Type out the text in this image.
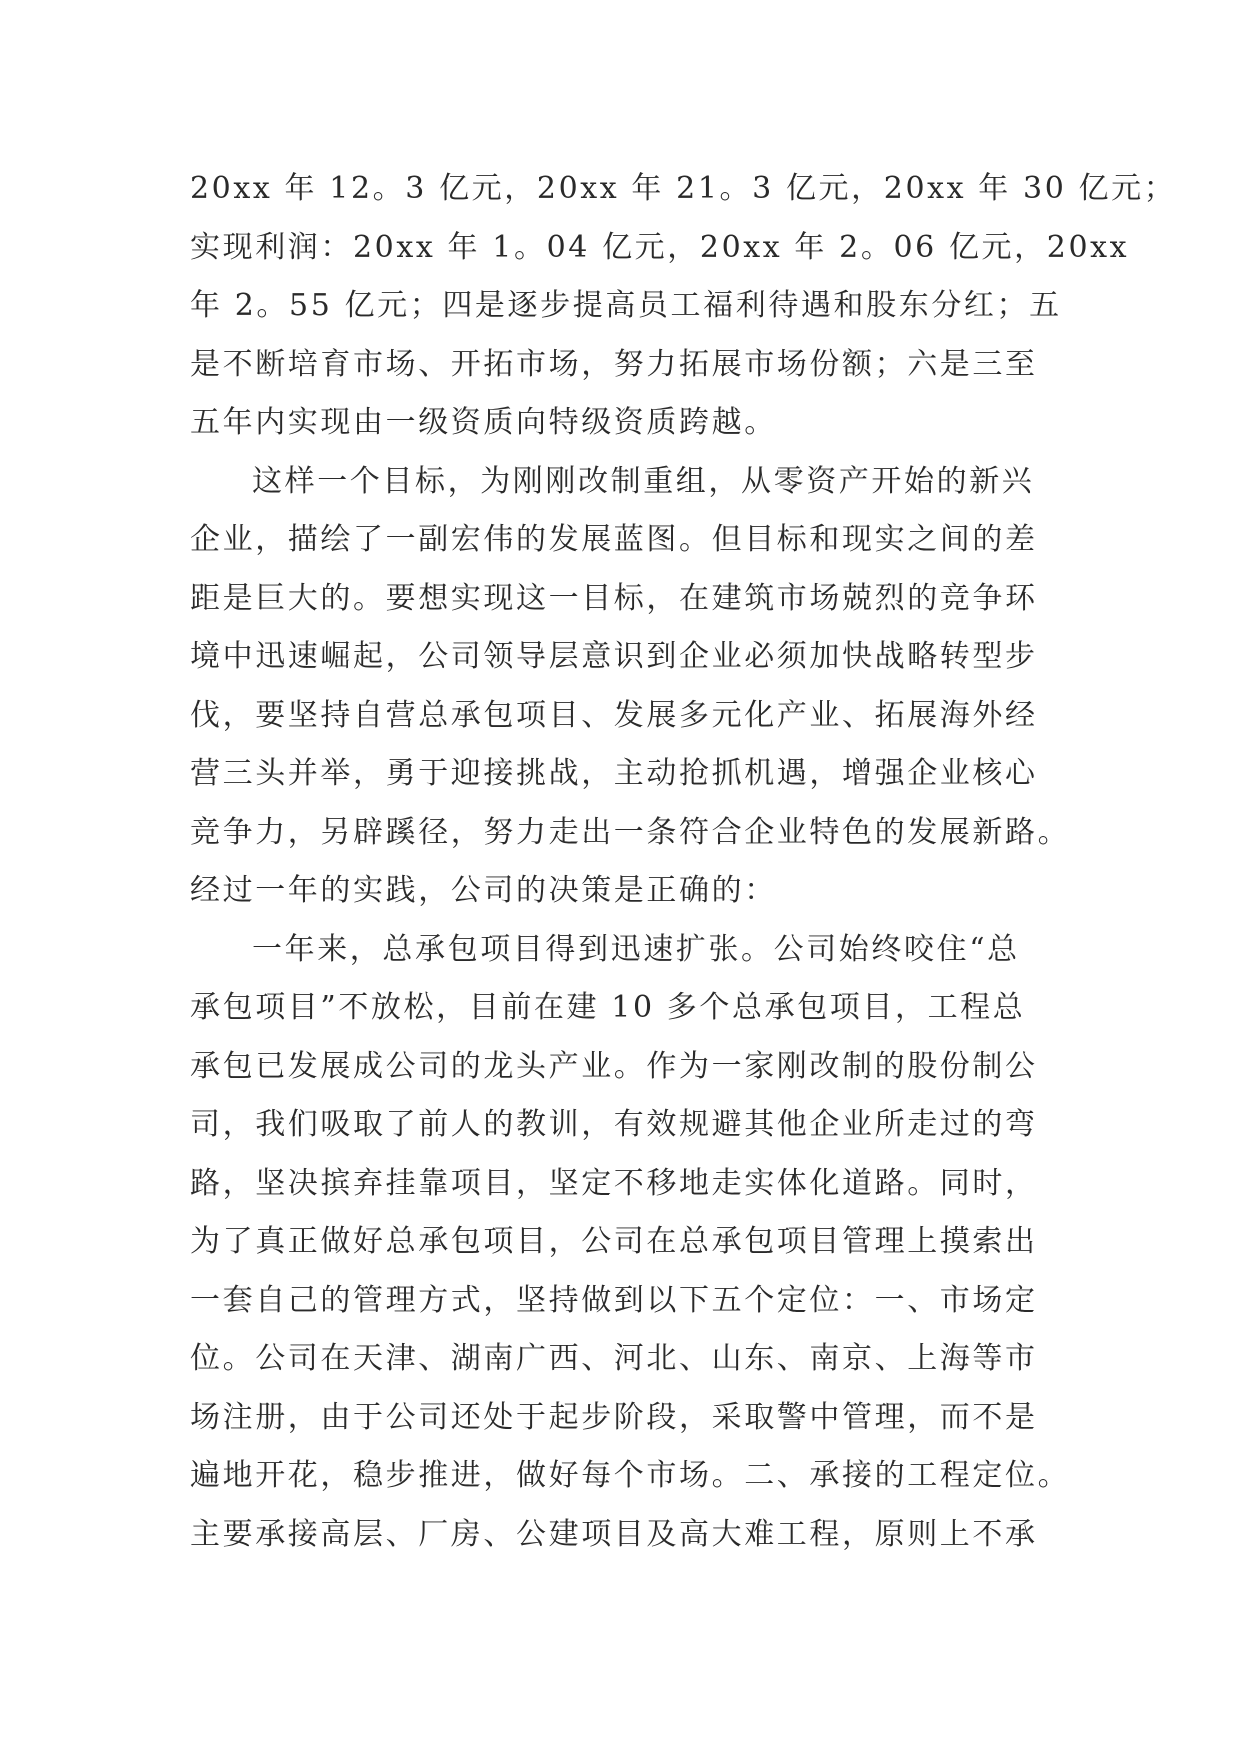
20xx 年 12。3 亿元，20xx 年 21。3 亿元，20xx 年 30 亿元；
实现利润：20xx 年 1。04 亿元，20xx 年 2。06 亿元，20xx
年 2。55 亿元；四是逐步提高员工福利待遇和股东分红；五
是不断培育市场、开拓市场，努力拓展市场份额；六是三至
五年内实现由一级资质向特级资质跨越。
这样一个目标，为刚刚改制重组，从零资产开始的新兴
企业，描绘了一副宏伟的发展蓝图。但目标和现实之间的差
距是巨大的。要想实现这一目标，在建筑市场兢烈的竞争环
境中迅速崛起，公司领导层意识到企业必须加快战略转型步
伐，要坚持自营总承包项目、发展多元化产业、拓展海外经
营三头并举，勇于迎接挑战，主动抢抓机遇，增强企业核心
竞争力，另辟蹊径，努力走出一条符合企业特色的发展新路。
经过一年的实践，公司的决策是正确的：
一年来，总承包项目得到迅速扩张。公司始终咬住“总
承包项目”不放松，目前在建 10 多个总承包项目，工程总
承包已发展成公司的龙头产业。作为一家刚改制的股份制公
司，我们吸取了前人的教训，有效规避其他企业所走过的弯
路，坚决摈弃挂靠项目，坚定不移地走实体化道路。同时，
为了真正做好总承包项目，公司在总承包项目管理上摸索出
一套自己的管理方式，坚持做到以下五个定位：一、市场定
位。公司在天津、湖南广西、河北、山东、南京、上海等市
场注册，由于公司还处于起步阶段，采取警中管理，而不是
遍地开花，稳步推进，做好每个市场。二、承接的工程定位。
主要承接高层、厂房、公建项目及高大难工程，原则上不承
